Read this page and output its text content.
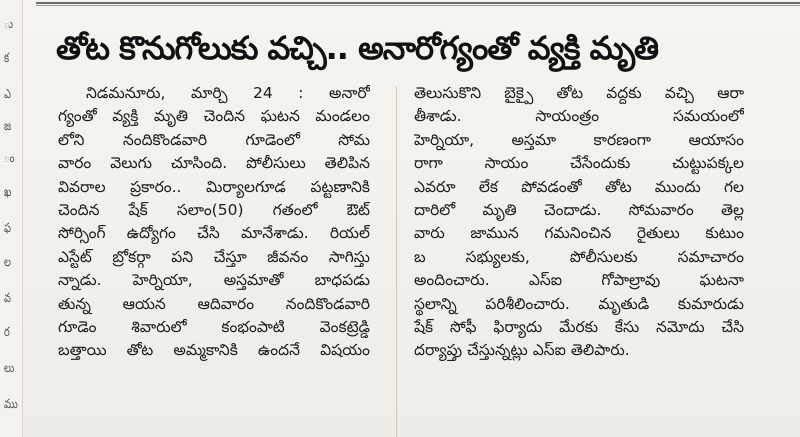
ు
క
ఎ
జ
ం
ఖ
ఫ
ల
వ
ర
లు
ము
తోట కొనుగోలుకు వచ్చి.. అనారోగ్యంతో వ్యక్తి మృతి
నిడమనూరు, మార్చి 24 : అనారో
గ్యంతో వ్యక్తి మృతి చెందిన ఘటన మండలం
లోని నందికొండవారి గూడెంలో సోమ
వారం వెలుగు చూసింది. పోలీసులు తెలిపిన
వివరాల ప్రకారం.. మిర్యాలగూడ పట్టణానికి
చెందిన షేక్ సలాం(50) గతంలో ఔట్
సోర్సింగ్ ఉద్యోగం చేసి మానేశాడు. రియల్
ఎస్టేట్ బ్రోకర్గా పని చేస్తూ జీవనం సాగిస్తు
న్నాడు. హెర్నియా, అస్తమాతో బాధపడు
తున్న ఆయన ఆదివారం నందికొండవారి
గూడెం శివారులో కంభంపాటి వెంకట్రెడ్డి
బత్తాయి తోట అమ్మకానికి ఉందనే విషయం
తెలుసుకొని బైక్పై తోట వద్దకు వచ్చి ఆరా
తీశాడు. సాయంత్రం సమయంలో
హెర్నియా, అస్తమా కారణంగా ఆయాసం
రాగా సాయం చేసేందుకు చుట్టుపక్కల
ఎవరూ లేక పోవడంతో తోట ముందు గల
దారిలో మృతి చెందాడు. సోమవారం తెల్ల
వారు జామున గమనించిన రైతులు కుటుం
బ సభ్యులకు, పోలీసులకు సమాచారం
అందించారు. ఎస్ఐ గోపాల్రావు ఘటనా
స్థలాన్ని పరిశీలించారు. మృతుడి కుమారుడు
షేక్ సోఫీ ఫిర్యాదు మేరకు కేసు నమోదు చేసి
దర్యాప్తు చేస్తున్నట్లు ఎస్ఐ తెలిపారు.
